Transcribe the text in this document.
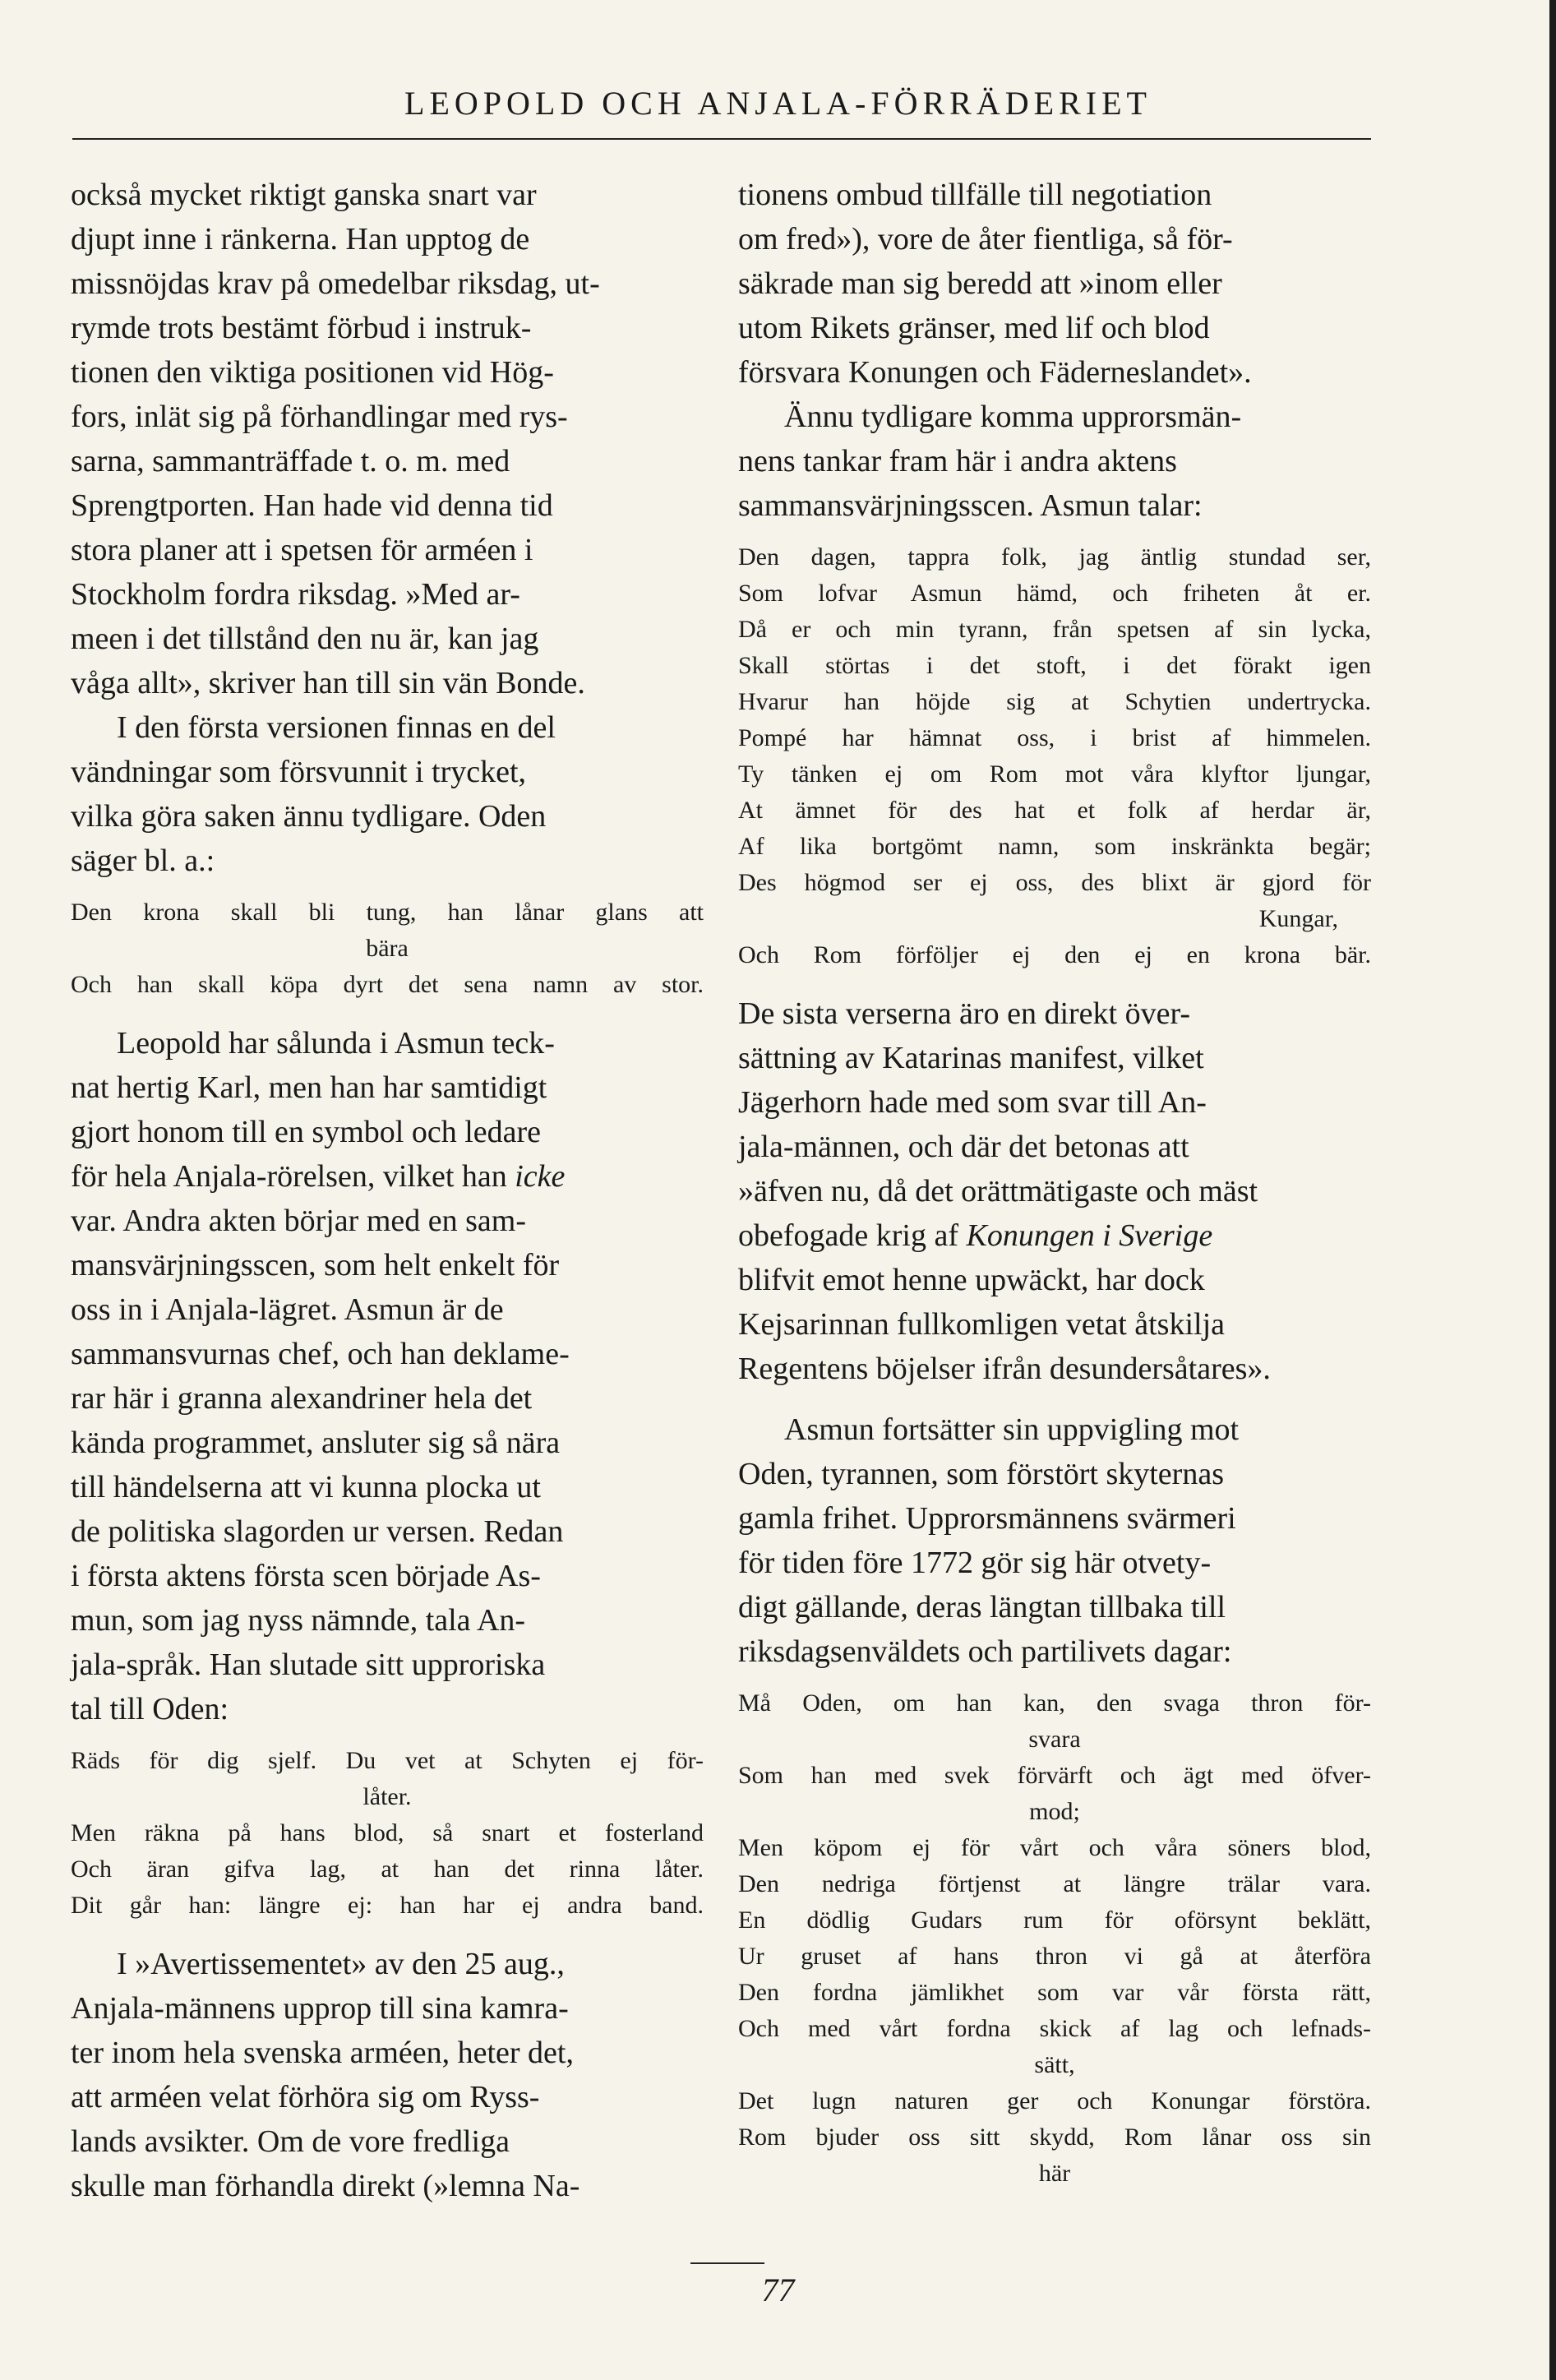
LEOPOLD OCH ANJALA-FÖRRÄDERIET

också mycket riktigt ganska snart var
djupt inne i ränkerna. Han upptog de
missnöjdas krav på omedelbar riksdag, ut-
rymde trots bestämt förbud i instruk-
tionen den viktiga positionen vid Hög-
fors, inlät sig på förhandlingar med rys-
sarna, sammanträffade t. o. m. med
Sprengtporten. Han hade vid denna tid
stora planer att i spetsen för arméen i
Stockholm fordra riksdag. »Med ar-
meen i det tillstånd den nu är, kan jag
våga allt», skriver han till sin vän Bonde.

I den första versionen finnas en del
vändningar som försvunnit i trycket,
vilka göra saken ännu tydligare. Oden
säger bl. a.:

Den krona skall bli tung, han lånar glans att

bära

Och han skall köpa dyrt det sena namn av stor.

Leopold har sålunda i Asmun teck-
nat hertig Karl, men han har samtidigt
gjort honom till en symbol och ledare
för hela Anjala-rörelsen, vilket han icke
var. Andra akten börjar med en sam-
mansvärjningsscen, som helt enkelt för
oss in i Anjala-lägret. Asmun är de
sammansvurnas chef, och han deklame-
rar här i granna alexandriner hela det
kända programmet, ansluter sig så nära
till händelserna att vi kunna plocka ut
de politiska slagorden ur versen. Redan
i första aktens första scen började As-
mun, som jag nyss nämnde, tala An-
jala-språk. Han slutade sitt upproriska
tal till Oden:

Räds för dig sjelf. Du vet at Schyten ej för-

låter.

Men räkna på hans blod, så snart et fosterland

Och äran gifva lag, at han det rinna låter.

Dit går han: längre ej: han har ej andra band.

I »Avertissementet» av den 25 aug.,
Anjala-männens upprop till sina kamra-
ter inom hela svenska arméen, heter det,
att arméen velat förhöra sig om Ryss-
lands avsikter. Om de vore fredliga
skulle man förhandla direkt (»lemna Na-

tionens ombud tillfälle till negotiation
om fred»), vore de åter fientliga, så för-
säkrade man sig beredd att »inom eller
utom Rikets gränser, med lif och blod
försvara Konungen och Fäderneslandet».

Ännu tydligare komma upprorsmän-
nens tankar fram här i andra aktens
sammansvärjningsscen. Asmun talar:

Den dagen, tappra folk, jag äntlig stundad ser,

Som lofvar Asmun hämd, och friheten åt er.

Då er och min tyrann, från spetsen af sin lycka,

Skall störtas i det stoft, i det förakt igen

Hvarur han höjde sig at Schytien undertrycka.

Pompé har hämnat oss, i brist af himmelen.

Ty tänken ej om Rom mot våra klyftor ljungar,

At ämnet för des hat et folk af herdar är,

Af lika bortgömt namn, som inskränkta begär;

Des högmod ser ej oss, des blixt är gjord för

Kungar,

Och Rom förföljer ej den ej en krona bär.

De sista verserna äro en direkt över-
sättning av Katarinas manifest, vilket
Jägerhorn hade med som svar till An-
jala-männen, och där det betonas att
»äfven nu, då det orättmätigaste och mäst
obefogade krig af Konungen i Sverige
blifvit emot henne upwäckt, har dock
Kejsarinnan fullkomligen vetat åtskilja
Regentens böjelser ifrån desundersåtares».

Asmun fortsätter sin uppvigling mot
Oden, tyrannen, som förstört skyternas
gamla frihet. Upprorsmännens svärmeri
för tiden före 1772 gör sig här otvety-
digt gällande, deras längtan tillbaka till
riksdagsenväldets och partilivets dagar:

Må Oden, om han kan, den svaga thron för-

svara

Som han med svek förvärft och ägt med öfver-

mod;

Men köpom ej för vårt och våra söners blod,

Den nedriga förtjenst at längre trälar vara.

En dödlig Gudars rum för oförsynt beklätt,

Ur gruset af hans thron vi gå at återföra

Den fordna jämlikhet som var vår första rätt,

Och med vårt fordna skick af lag och lefnads-

sätt,

Det lugn naturen ger och Konungar förstöra.

Rom bjuder oss sitt skydd, Rom lånar oss sin

här

77
